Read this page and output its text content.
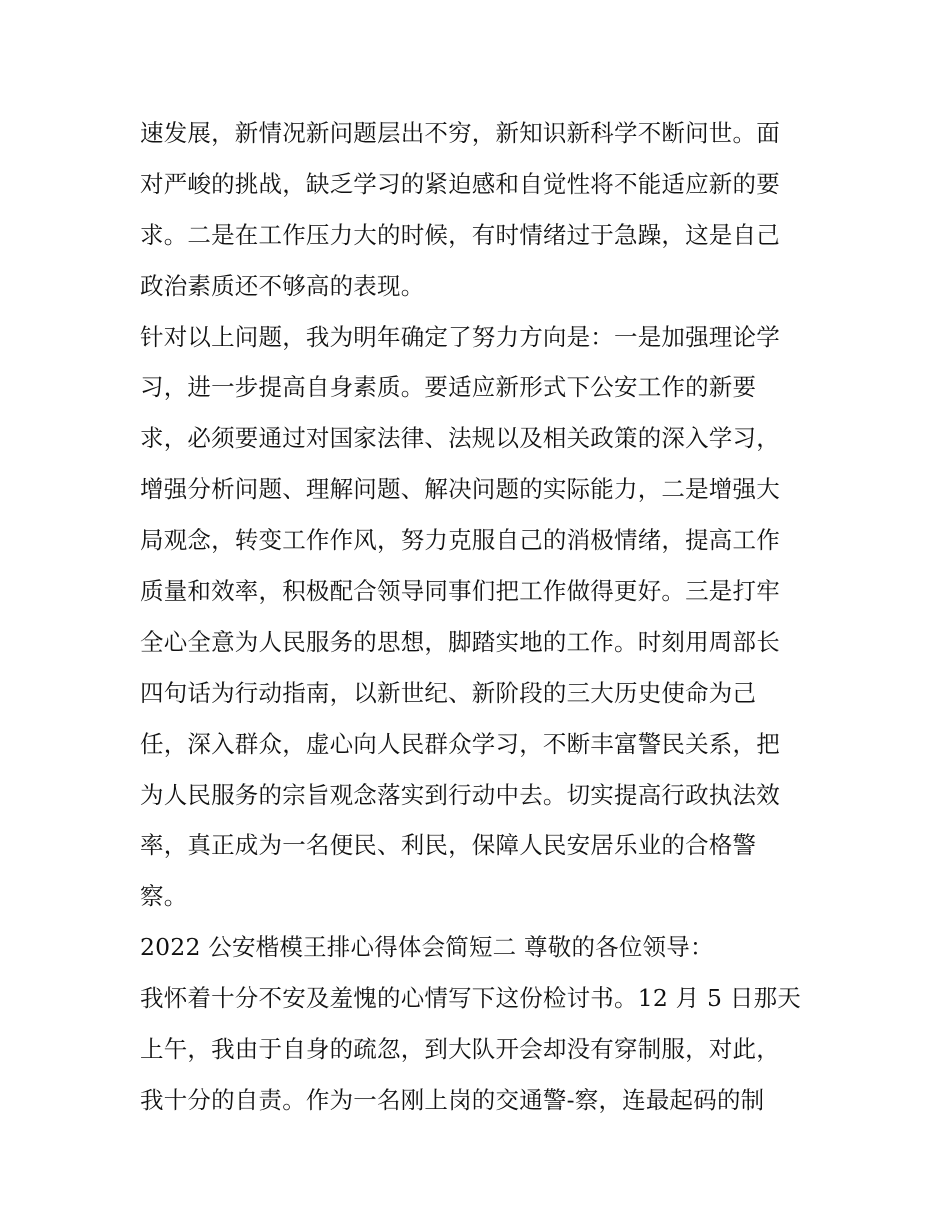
速发展，新情况新问题层出不穷，新知识新科学不断问世。面
对严峻的挑战，缺乏学习的紧迫感和自觉性将不能适应新的要
求。二是在工作压力大的时候，有时情绪过于急躁，这是自己
政治素质还不够高的表现。
针对以上问题，我为明年确定了努力方向是：一是加强理论学
习，进一步提高自身素质。要适应新形式下公安工作的新要
求，必须要通过对国家法律、法规以及相关政策的深入学习，
增强分析问题、理解问题、解决问题的实际能力，二是增强大
局观念，转变工作作风，努力克服自己的消极情绪，提高工作
质量和效率，积极配合领导同事们把工作做得更好。三是打牢
全心全意为人民服务的思想，脚踏实地的工作。时刻用周部长
四句话为行动指南，以新世纪、新阶段的三大历史使命为己
任，深入群众，虚心向人民群众学习，不断丰富警民关系，把
为人民服务的宗旨观念落实到行动中去。切实提高行政执法效
率，真正成为一名便民、利民，保障人民安居乐业的合格警
察。
2022 公安楷模王排心得体会简短二 尊敬的各位领导：
我怀着十分不安及羞愧的心情写下这份检讨书。12 月 5 日那天
上午，我由于自身的疏忽，到大队开会却没有穿制服，对此，
我十分的自责。作为一名刚上岗的交通警-察，连最起码的制
